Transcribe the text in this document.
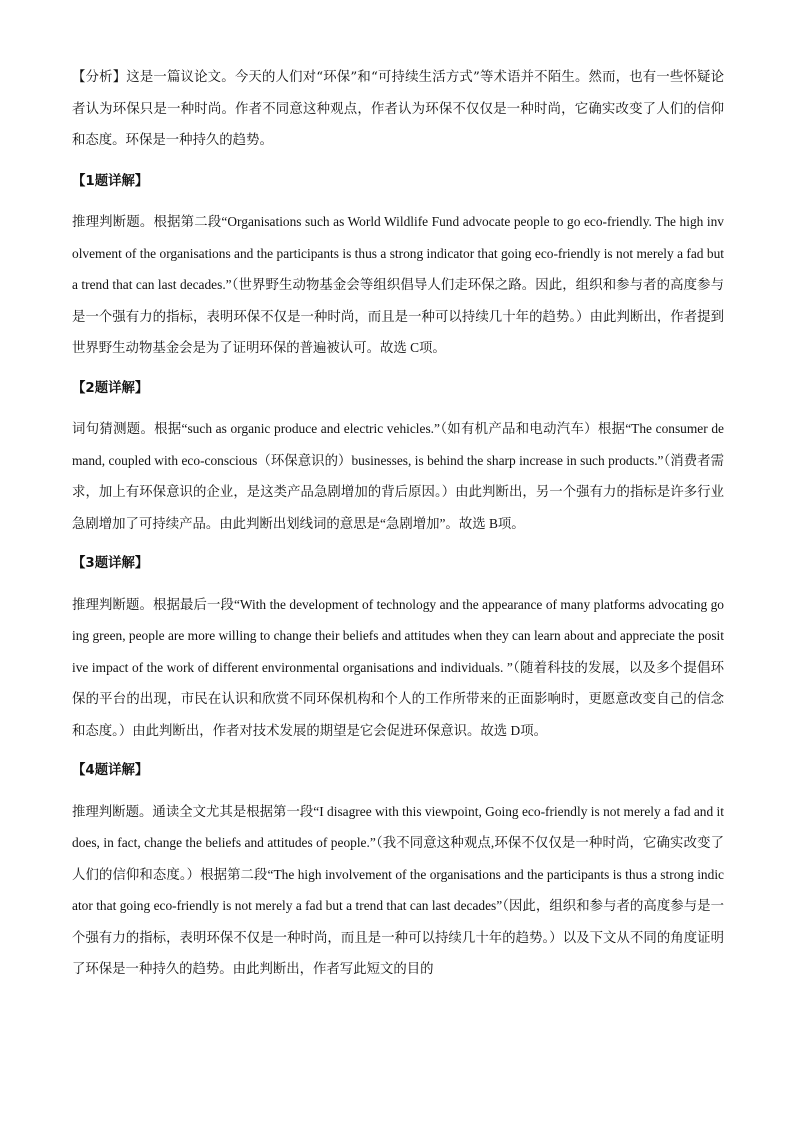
【分析】这是一篇议论文。今天的人们对“环保”和“可持续生活方式”等术语并不陌生。然而，也有一些怀疑论者认为环保只是一种时尚。作者不同意这种观点，作者认为环保不仅仅是一种时尚，它确实改变了人们的信仰和态度。环保是一种持久的趋势。

【1题详解】

推理判断题。根据第二段“Organisations such as World Wildlife Fund advocate people to go eco-friendly. The high involvement of the organisations and the participants is thus a strong indicator that going eco-friendly is not merely a fad but a trend that can last decades.”（世界野生动物基金会等组织倡导人们走环保之路。因此，组织和参与者的高度参与是一个强有力的指标，表明环保不仅是一种时尚，而且是一种可以持续几十年的趋势。）由此判断出，作者提到世界野生动物基金会是为了证明环保的普遍被认可。故选 C项。

【2题详解】

词句猜测题。根据“such as organic produce and electric vehicles.”（如有机产品和电动汽车）根据“The consumer demand, coupled with eco-conscious（环保意识的）businesses, is behind the sharp increase in such products.”（消费者需求，加上有环保意识的企业，是这类产品急剧增加的背后原因。）由此判断出，另一个强有力的指标是许多行业急剧增加了可持续产品。由此判断出划线词的意思是“急剧增加”。故选 B项。

【3题详解】

推理判断题。根据最后一段“With the development of technology and the appearance of many platforms advocating going green, people are more willing to change their beliefs and attitudes when they can learn about and appreciate the positive impact of the work of different environmental organisations and individuals. ”（随着科技的发展，以及多个提倡环保的平台的出现，市民在认识和欣赏不同环保机构和个人的工作所带来的正面影响时，更愿意改变自己的信念和态度。）由此判断出，作者对技术发展的期望是它会促进环保意识。故选 D项。

【4题详解】

推理判断题。通读全文尤其是根据第一段“I disagree with this viewpoint, Going eco-friendly is not merely a fad and it does, in fact, change the beliefs and attitudes of people.”（我不同意这种观点,环保不仅仅是一种时尚，它确实改变了人们的信仰和态度。）根据第二段“The high involvement of the organisations and the participants is thus a strong indicator that going eco-friendly is not merely a fad but a trend that can last decades”（因此，组织和参与者的高度参与是一个强有力的指标，表明环保不仅是一种时尚，而且是一种可以持续几十年的趋势。）以及下文从不同的角度证明了环保是一种持久的趋势。由此判断出，作者写此短文的目的
